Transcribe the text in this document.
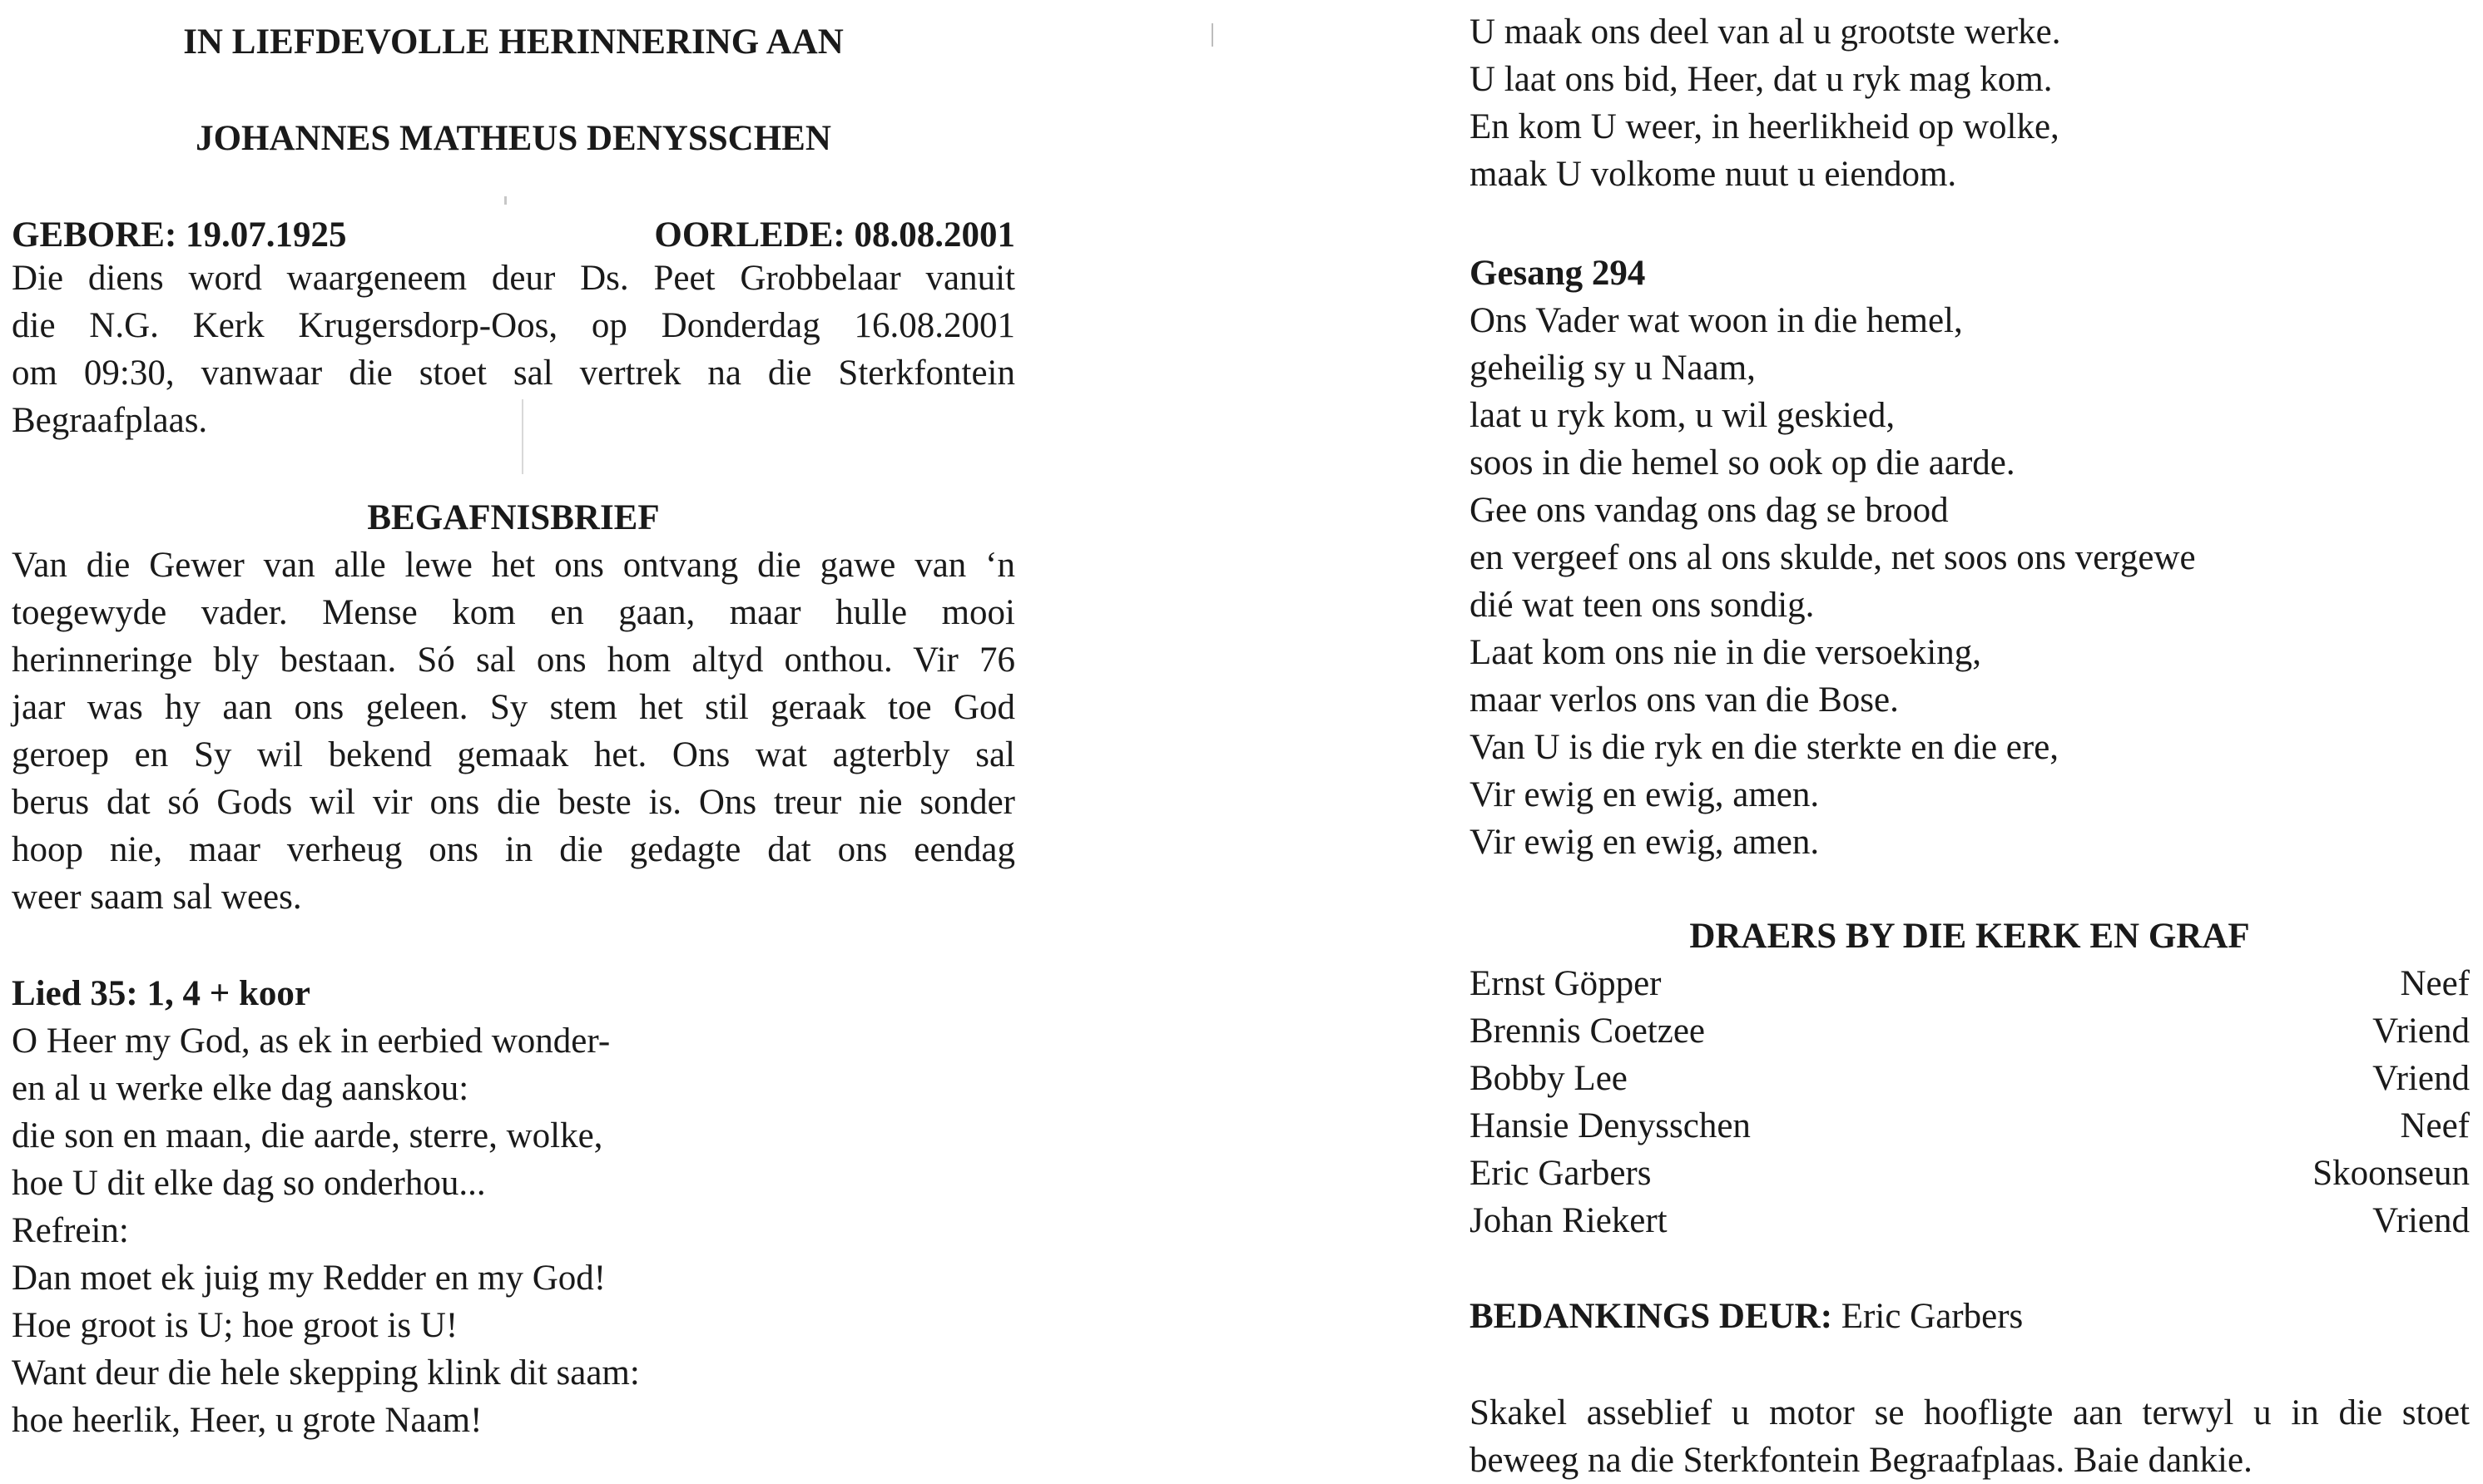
IN LIEFDEVOLLE HERINNERING AAN
JOHANNES MATHEUS DENYSSCHEN
GEBORE: 19.07.1925	OORLEDE: 08.08.2001
Die diens word waargeneem deur Ds. Peet Grobbelaar vanuit
die N.G. Kerk Krugersdorp-Oos, op Donderdag 16.08.2001
om 09:30, vanwaar die stoet sal vertrek na die Sterkfontein
Begraafplaas.
BEGAFNISBRIEF
Van die Gewer van alle lewe het ons ontvang die gawe van ‘n
toegewyde vader. Mense kom en gaan, maar hulle mooi
herinneringe bly bestaan. Só sal ons hom altyd onthou. Vir 76
jaar was hy aan ons geleen. Sy stem het stil geraak toe God
geroep en Sy wil bekend gemaak het. Ons wat agterbly sal
berus dat só Gods wil vir ons die beste is. Ons treur nie sonder
hoop nie, maar verheug ons in die gedagte dat ons eendag
weer saam sal wees.
Lied 35: 1, 4 + koor
O Heer my God, as ek in eerbied wonder-
en al u werke elke dag aanskou:
die son en maan, die aarde, sterre, wolke,
hoe U dit elke dag so onderhou...
Refrein:
Dan moet ek juig my Redder en my God!
Hoe groot is U; hoe groot is U!
Want deur die hele skepping klink dit saam:
hoe heerlik, Heer, u grote Naam!
U maak ons deel van al u grootste werke.
U laat ons bid, Heer, dat u ryk mag kom.
En kom U weer, in heerlikheid op wolke,
maak U volkome nuut u eiendom.
Gesang 294
Ons Vader wat woon in die hemel,
geheilig sy u Naam,
laat u ryk kom, u wil geskied,
soos in die hemel so ook op die aarde.
Gee ons vandag ons dag se brood
en vergeef ons al ons skulde, net soos ons vergewe
dié wat teen ons sondig.
Laat kom ons nie in die versoeking,
maar verlos ons van die Bose.
Van U is die ryk en die sterkte en die ere,
Vir ewig en ewig, amen.
Vir ewig en ewig, amen.
DRAERS BY DIE KERK EN GRAF
Ernst Göpper	Neef
Brennis Coetzee	Vriend
Bobby Lee	Vriend
Hansie Denysschen	Neef
Eric Garbers	Skoonseun
Johan Riekert	Vriend
BEDANKINGS DEUR: Eric Garbers
Skakel asseblief u motor se hoofligte aan terwyl u in die stoet
beweeg na die Sterkfontein Begraafplaas. Baie dankie.
